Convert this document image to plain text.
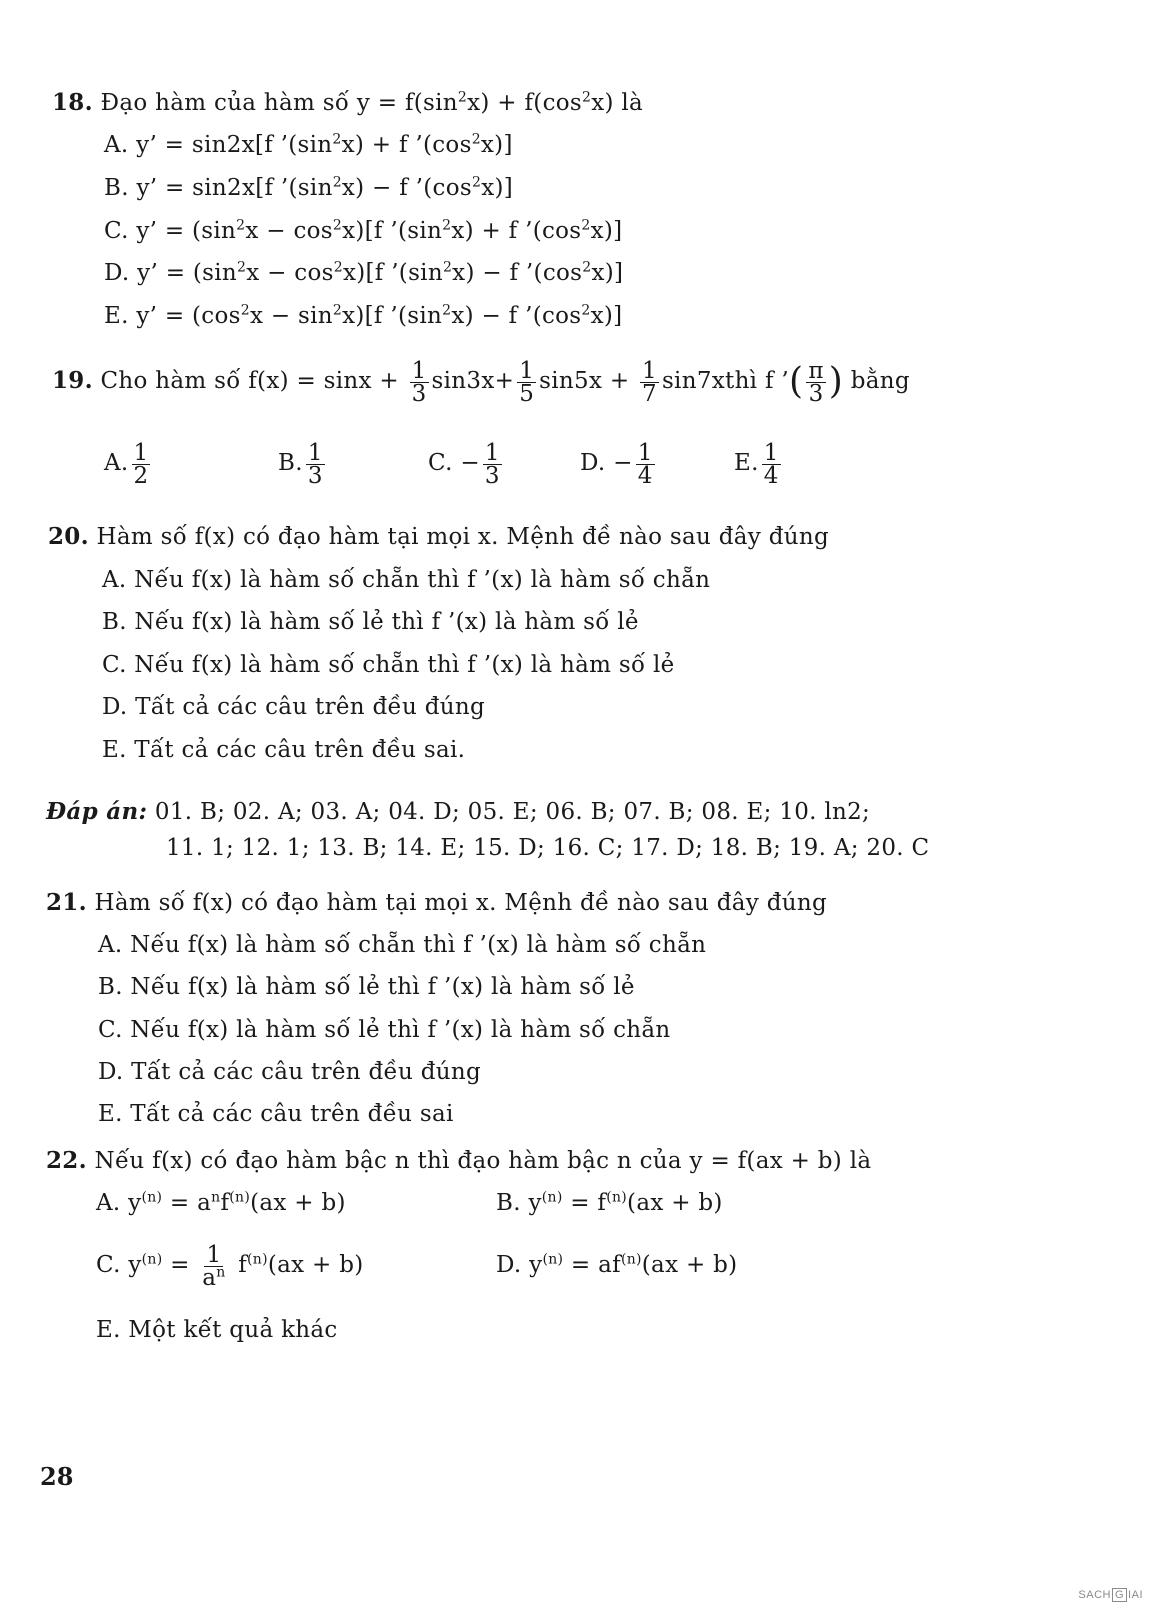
18. Đạo hàm của hàm số $y = f(\sin^2x) + f(\cos^2x)$ là
A. y’ = sin2x[f $’(\sin^2x) + f$ $’(\cos^2x)$]
B. y’ = sin2x[f $’(\sin^2x) - f$ $’(\cos^2x)$]
C. y’ = $(\sin^2x - \cos^2x)[f$ $’(\sin^2x) + f$ $’(\cos^2x)$]
D. y’ = $(\sin^2x - \cos^2x)[f$ $’(\sin^2x) - f$ $’(\cos^2x)$]
E. y’ = $(\cos^2x - \sin^2x)[f$ $’(\sin^2x) - f$ $’(\cos^2x)$]
19. Cho hàm số $f(x) = \sin x + \frac{1}{3} \sin 3x+ \frac{1}{5} \sin 5x + \frac{1}{7}$ sin7xthì f ’( $\frac{\pi}{3}$ ) bằng
A. $\frac{1}{2}$	B. $\frac{1}{3}$	C. − $\frac{1}{3}$	D. − $\frac{1}{4}$	E. $\frac{1}{4}$
20. Hàm số f(x) có đạo hàm tại mọi x. Mệnh đề nào sau đây đúng
A. Nếu f(x) là hàm số chẵn thì f ’(x) là hàm số chẵn
B. Nếu f(x) là hàm số lẻ thì f ’(x) là hàm số lẻ
C. Nếu f(x) là hàm số chẵn thì f ’(x) là hàm số lẻ
D. Tất cả các câu trên đều đúng
E. Tất cả các câu trên đều sai.
Đáp án: 01. B; 02. A; 03. A; 04. D; 05. E; 06. B; 07. B; 08. E; 10. ln2;
11. 1; 12. 1; 13. B; 14. E; 15. D; 16. C; 17. D; 18. B; 19. A; 20. C
21. Hàm số f(x) có đạo hàm tại mọi x. Mệnh đề nào sau đây đúng
A. Nếu f(x) là hàm số chẵn thì f ’(x) là hàm số chẵn
B. Nếu f(x) là hàm số lẻ thì f ’(x) là hàm số lẻ
C. Nếu f(x) là hàm số lẻ thì f ’(x) là hàm số chẵn
D. Tất cả các câu trên đều đúng
E. Tất cả các câu trên đều sai
22. Nếu f(x) có đạo hàm bậc n thì đạo hàm bậc n của y = f(ax + b) là
A. $y^{(n)} = a^nf^{(n)}(ax + b)$	B. $y^{(n)} = f^{(n)}(ax + b)$
C. $y^{(n)} = \frac{1}{a^n} f^{(n)}(ax + b)$	D. $y^{(n)} = af^{(n)}(ax + b)$
E. Một kết quả khác
28
SACH G IAI
